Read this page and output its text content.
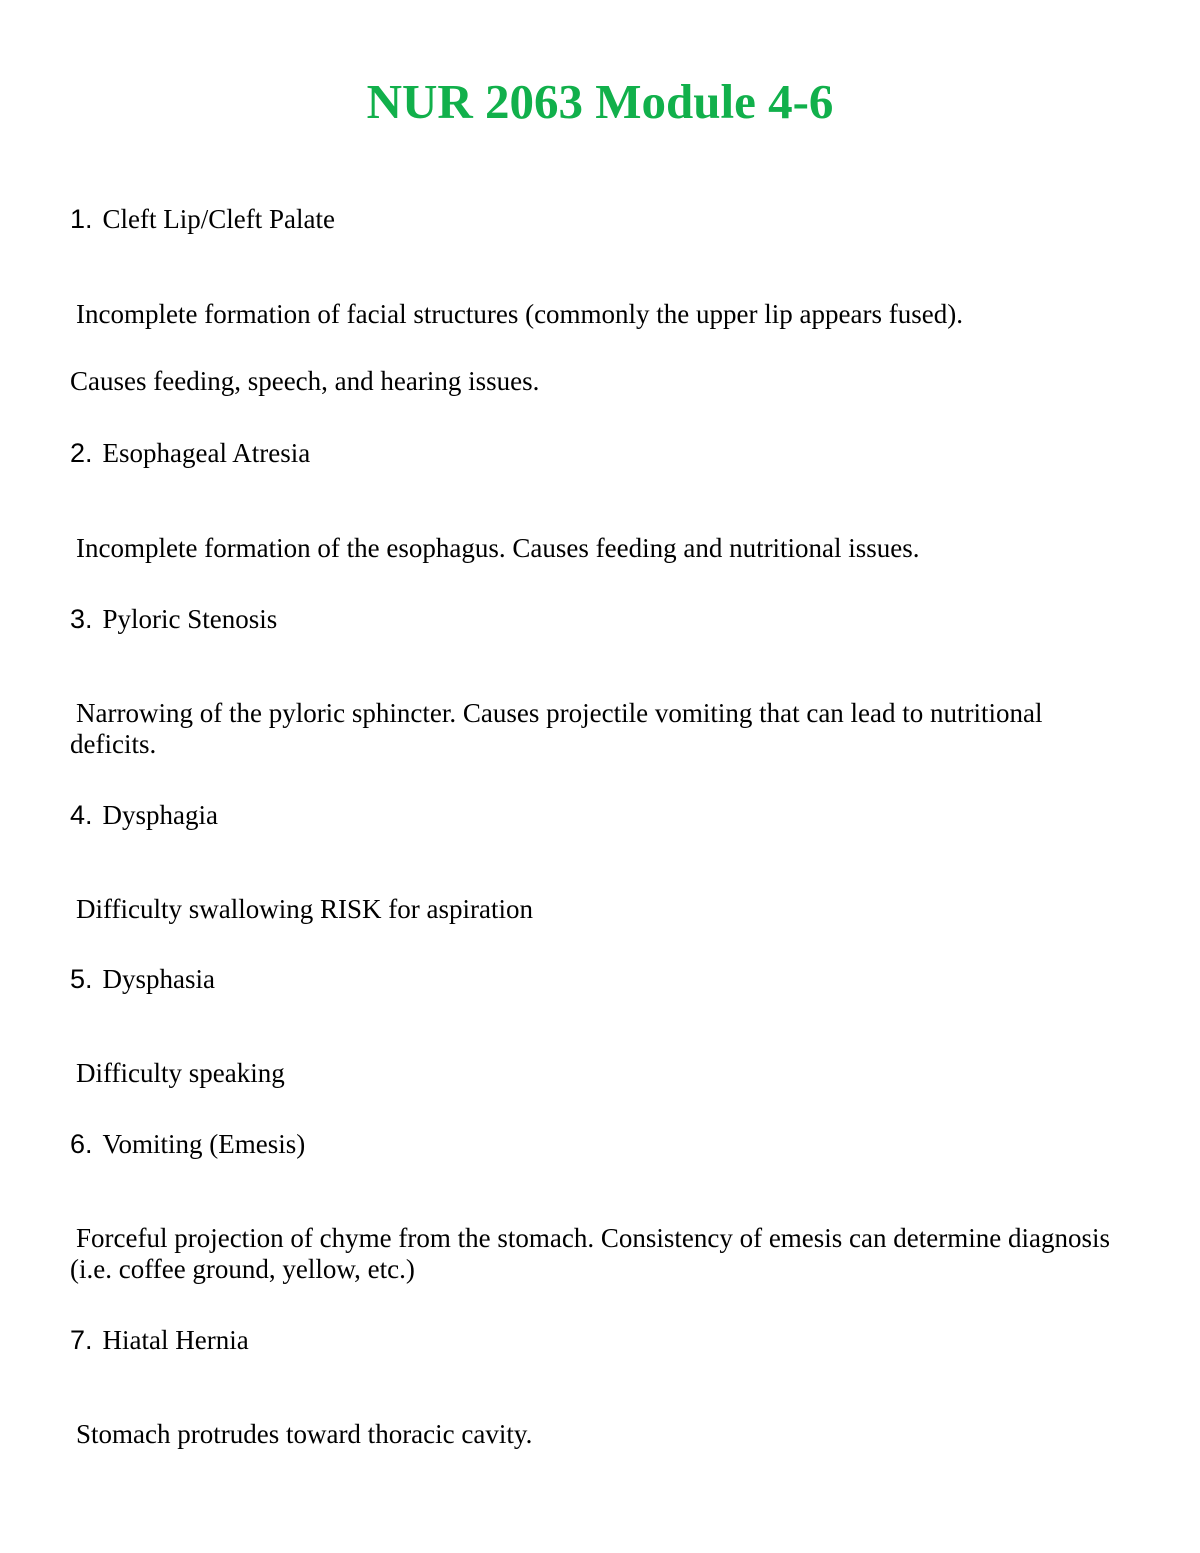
NUR 2063 Module 4-6
1. Cleft Lip/Cleft Palate
Incomplete formation of facial structures (commonly the upper lip appears fused).
Causes feeding, speech, and hearing issues.
2. Esophageal Atresia
Incomplete formation of the esophagus. Causes feeding and nutritional issues.
3. Pyloric Stenosis
Narrowing of the pyloric sphincter. Causes projectile vomiting that can lead to nutritional deficits.
4. Dysphagia
Difficulty swallowing RISK for aspiration
5. Dysphasia
Difficulty speaking
6. Vomiting (Emesis)
Forceful projection of chyme from the stomach. Consistency of emesis can determine diagnosis (i.e. coffee ground, yellow, etc.)
7. Hiatal Hernia
Stomach protrudes toward thoracic cavity.
